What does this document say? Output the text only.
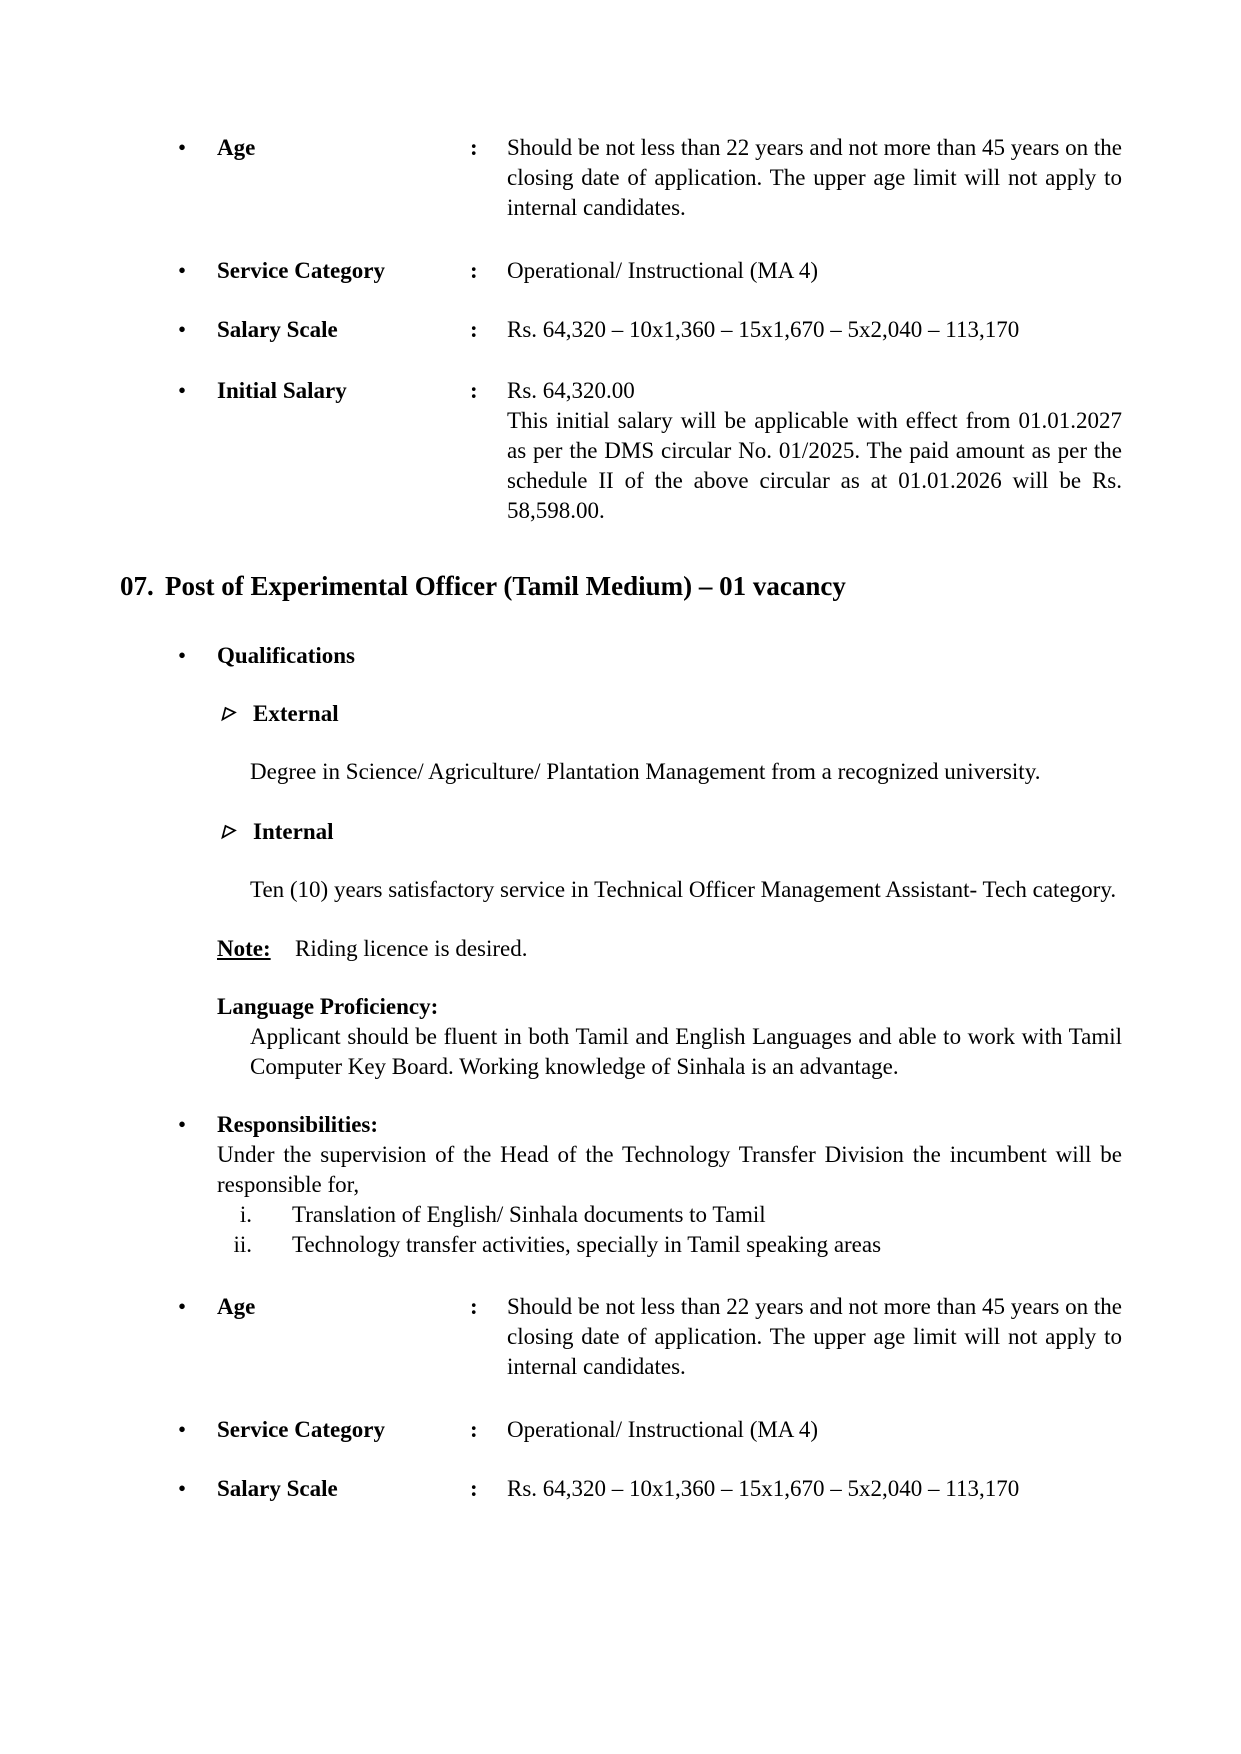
•	Age	:	Should be not less than 22 years and not more than 45 years on the closing date of application. The upper age limit will not apply to internal candidates.
•	Service Category	:	Operational/ Instructional (MA 4)
•	Salary Scale	:	Rs. 64,320 – 10x1,360 – 15x1,670 – 5x2,040 – 113,170
•	Initial Salary	:	Rs. 64,320.00
This initial salary will be applicable with effect from 01.01.2027 as per the DMS circular No. 01/2025. The paid amount as per the schedule II of the above circular as at 01.01.2026 will be Rs. 58,598.00.
07. Post of Experimental Officer (Tamil Medium) – 01 vacancy
•	Qualifications
External
Degree in Science/ Agriculture/ Plantation Management from a recognized university.
Internal
Ten (10) years satisfactory service in Technical Officer Management Assistant- Tech category.
Note:	Riding licence is desired.
Language Proficiency:
Applicant should be fluent in both Tamil and English Languages and able to work with Tamil Computer Key Board. Working knowledge of Sinhala is an advantage.
•	Responsibilities:
Under the supervision of the Head of the Technology Transfer Division the incumbent will be responsible for,
i.	Translation of English/ Sinhala documents to Tamil
ii.	Technology transfer activities, specially in Tamil speaking areas
•	Age	:	Should be not less than 22 years and not more than 45 years on the closing date of application. The upper age limit will not apply to internal candidates.
•	Service Category	:	Operational/ Instructional (MA 4)
•	Salary Scale	:	Rs. 64,320 – 10x1,360 – 15x1,670 – 5x2,040 – 113,170
